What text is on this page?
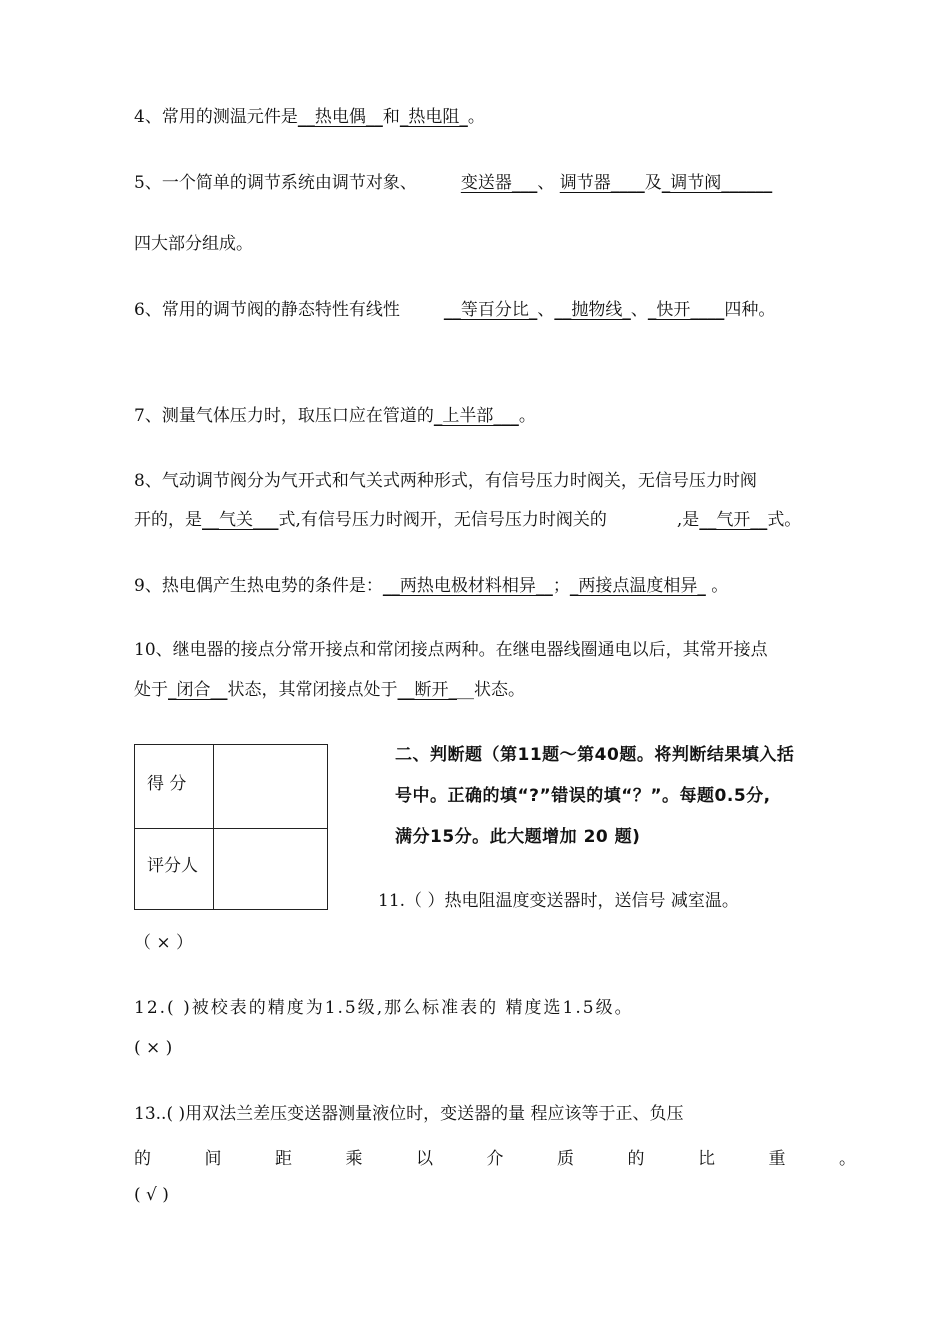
4、常用的测温元件是__热电偶__和_热电阻_。
5、一个简单的调节系统由调节对象、	变送器___、 调节器____及_调节阀______
四大部分组成。
6、常用的调节阀的静态特性有线性	__等百分比_、__抛物线_、_快开____四种。
7、测量气体压力时，取压口应在管道的_上半部___。
8、气动调节阀分为气开式和气关式两种形式，有信号压力时阀关，无信号压力时阀
开的，是__气关___式,有信号压力时阀开，无信号压力时阀关的	,是__气开__式。
9、热电偶产生热电势的条件是：__两热电极材料相异__；_两接点温度相异_ 。
10、继电器的接点分常开接点和常闭接点两种。在继电器线圈通电以后，其常开接点
处于_闭合__状态，其常闭接点处于__断开___状态。
得 分
评分人
二、判断题（第11题～第40题。将判断结果填入括
号中。正确的填“?”错误的填“？”。每题0.5分,
满分15分。此大题增加 20 题)
11.（ ）热电阻温度变送器时，送信号 减室温。
（ × ）
12.( )被校表的精度为1.5级,那么标准表的 精度选1.5级。
( × )
13..( )用双法兰差压变送器测量液位时，变送器的量 程应该等于正、负压
的	间	距	乘	以	介	质	的	比	重	。
( √ )
